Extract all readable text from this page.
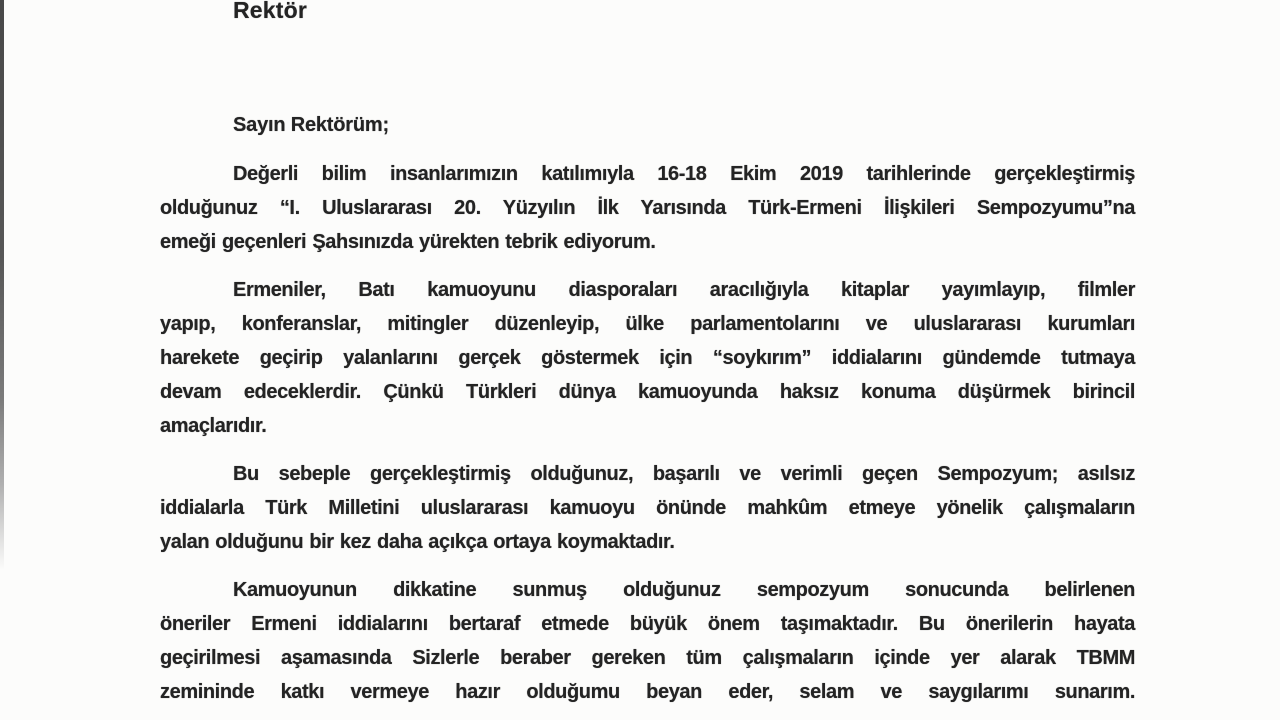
Rektör
Sayın Rektörüm;
Değerli bilim insanlarımızın katılımıyla 16-18 Ekim 2019 tarihlerinde gerçekleştirmiş
olduğunuz “I. Uluslararası 20. Yüzyılın İlk Yarısında Türk-Ermeni İlişkileri Sempozyumu”na
emeği geçenleri Şahsınızda yürekten tebrik ediyorum.
Ermeniler, Batı kamuoyunu diasporaları aracılığıyla kitaplar yayımlayıp, filmler
yapıp, konferanslar, mitingler düzenleyip, ülke parlamentolarını ve uluslararası kurumları
harekete geçirip yalanlarını gerçek göstermek için “soykırım” iddialarını gündemde tutmaya
devam edeceklerdir. Çünkü Türkleri dünya kamuoyunda haksız konuma düşürmek birincil
amaçlarıdır.
Bu sebeple gerçekleştirmiş olduğunuz, başarılı ve verimli geçen Sempozyum; asılsız
iddialarla Türk Milletini uluslararası kamuoyu önünde mahkûm etmeye yönelik çalışmaların
yalan olduğunu bir kez daha açıkça ortaya koymaktadır.
Kamuoyunun dikkatine sunmuş olduğunuz sempozyum sonucunda belirlenen
öneriler Ermeni iddialarını bertaraf etmede büyük önem taşımaktadır. Bu önerilerin hayata
geçirilmesi aşamasında Sizlerle beraber gereken tüm çalışmaların içinde yer alarak TBMM
zemininde katkı vermeye hazır olduğumu beyan eder, selam ve saygılarımı sunarım.
